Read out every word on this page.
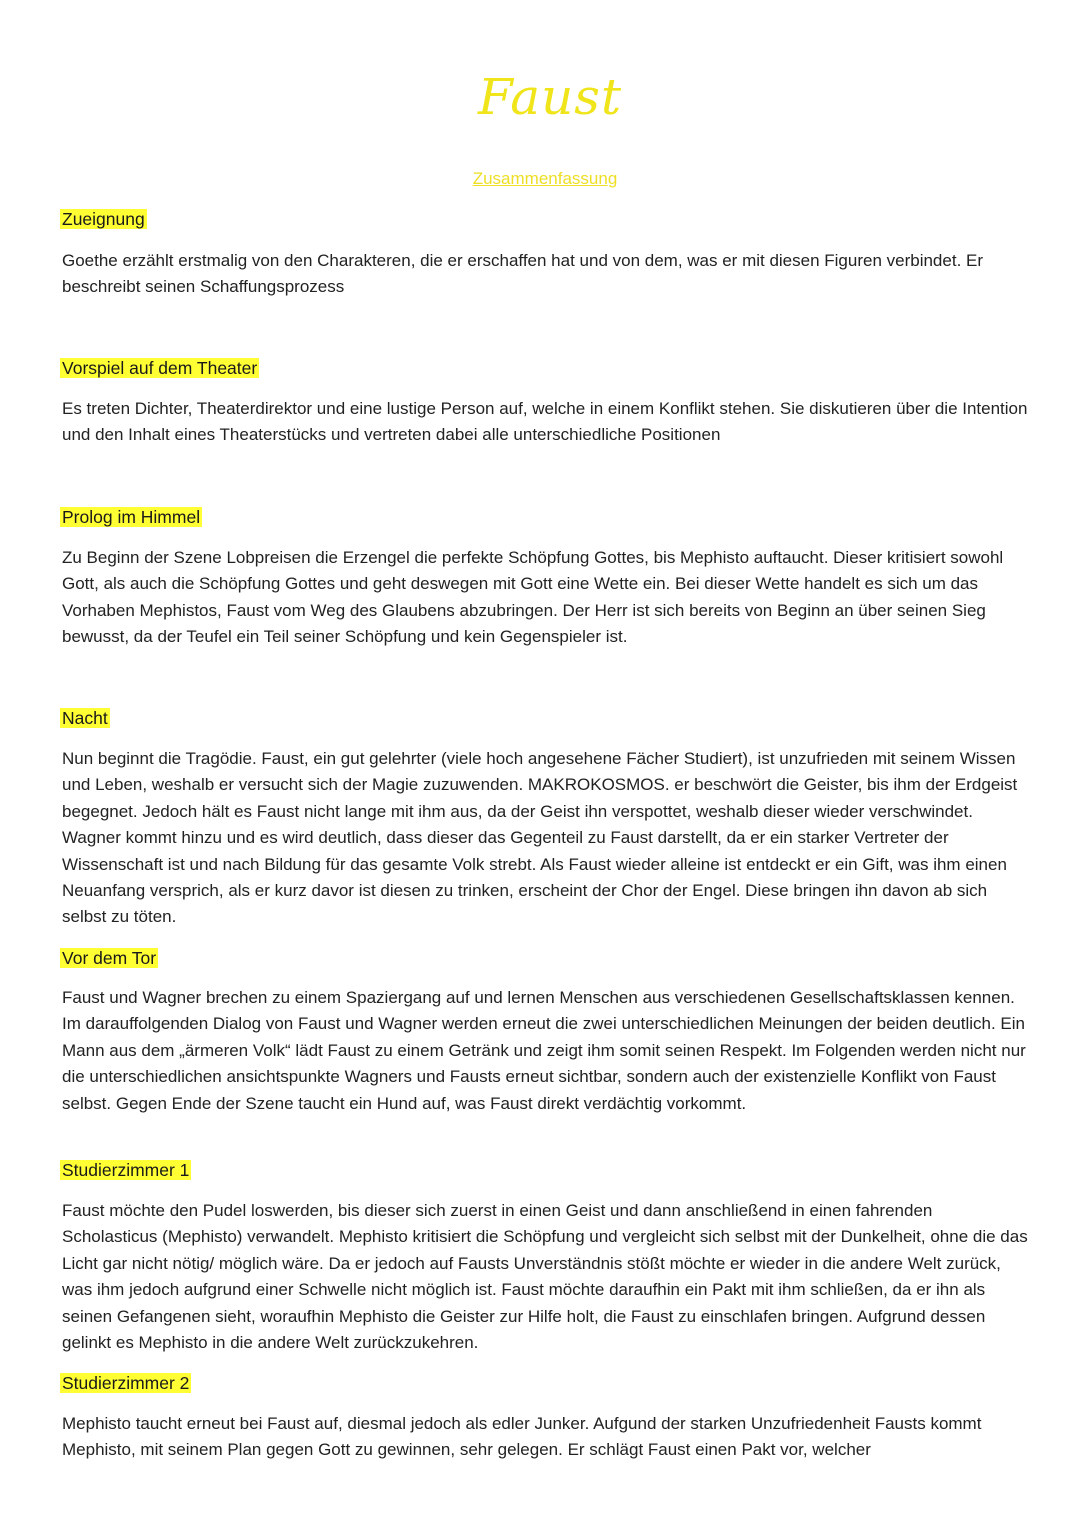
Faust
Zusammenfassung
Zueignung

Goethe erzählt erstmalig von den Charakteren, die er erschaffen hat und von dem, was er mit diesen Figuren verbindet. Er beschreibt seinen Schaffungsprozess

Vorspiel auf dem Theater

Es treten Dichter, Theaterdirektor und eine lustige Person auf, welche in einem Konflikt stehen. Sie diskutieren über die Intention und den Inhalt eines Theaterstücks und vertreten dabei alle unterschiedliche Positionen

Prolog im Himmel

Zu Beginn der Szene Lobpreisen die Erzengel die perfekte Schöpfung Gottes, bis Mephisto auftaucht. Dieser kritisiert sowohl Gott, als auch die Schöpfung Gottes und geht deswegen mit Gott eine Wette ein. Bei dieser Wette handelt es sich um das Vorhaben Mephistos, Faust vom Weg des Glaubens abzubringen. Der Herr ist sich bereits von Beginn an über seinen Sieg bewusst, da der Teufel ein Teil seiner Schöpfung und kein Gegenspieler ist.

Nacht

Nun beginnt die Tragödie. Faust, ein gut gelehrter (viele hoch angesehene Fächer Studiert), ist unzufrieden mit seinem Wissen und Leben, weshalb er versucht sich der Magie zuzuwenden. MAKROKOSMOS. er beschwört die Geister, bis ihm der Erdgeist begegnet. Jedoch hält es Faust nicht lange mit ihm aus, da der Geist ihn verspottet, weshalb dieser wieder verschwindet. Wagner kommt hinzu und es wird deutlich, dass dieser das Gegenteil zu Faust darstellt, da er ein starker Vertreter der Wissenschaft ist und nach Bildung für das gesamte Volk strebt. Als Faust wieder alleine ist entdeckt er ein Gift, was ihm einen Neuanfang versprich, als er kurz davor ist diesen zu trinken, erscheint der Chor der Engel. Diese bringen ihn davon ab sich selbst zu töten.

Vor dem Tor

Faust und Wagner brechen zu einem Spaziergang auf und lernen Menschen aus verschiedenen Gesellschaftsklassen kennen. Im darauffolgenden Dialog von Faust und Wagner werden erneut die zwei unterschiedlichen Meinungen der beiden deutlich. Ein Mann aus dem „ärmeren Volk“ lädt Faust zu einem Getränk und zeigt ihm somit seinen Respekt. Im Folgenden werden nicht nur die unterschiedlichen ansichtspunkte Wagners und Fausts erneut sichtbar, sondern auch der existenzielle Konflikt von Faust selbst. Gegen Ende der Szene taucht ein Hund auf, was Faust direkt verdächtig vorkommt.

Studierzimmer 1

Faust möchte den Pudel loswerden, bis dieser sich zuerst in einen Geist und dann anschließend in einen fahrenden Scholasticus (Mephisto) verwandelt. Mephisto kritisiert die Schöpfung und vergleicht sich selbst mit der Dunkelheit, ohne die das Licht gar nicht nötig/ möglich wäre. Da er jedoch auf Fausts Unverständnis stößt möchte er wieder in die andere Welt zurück, was ihm jedoch aufgrund einer Schwelle nicht möglich ist. Faust möchte daraufhin ein Pakt mit ihm schließen, da er ihn als seinen Gefangenen sieht, woraufhin Mephisto die Geister zur Hilfe holt, die Faust zu einschlafen bringen. Aufgrund dessen gelinkt es Mephisto in die andere Welt zurückzukehren.

Studierzimmer 2

Mephisto taucht erneut bei Faust auf, diesmal jedoch als edler Junker. Aufgund der starken Unzufriedenheit Fausts kommt Mephisto, mit seinem Plan gegen Gott zu gewinnen, sehr gelegen. Er schlägt Faust einen Pakt vor, welcher
